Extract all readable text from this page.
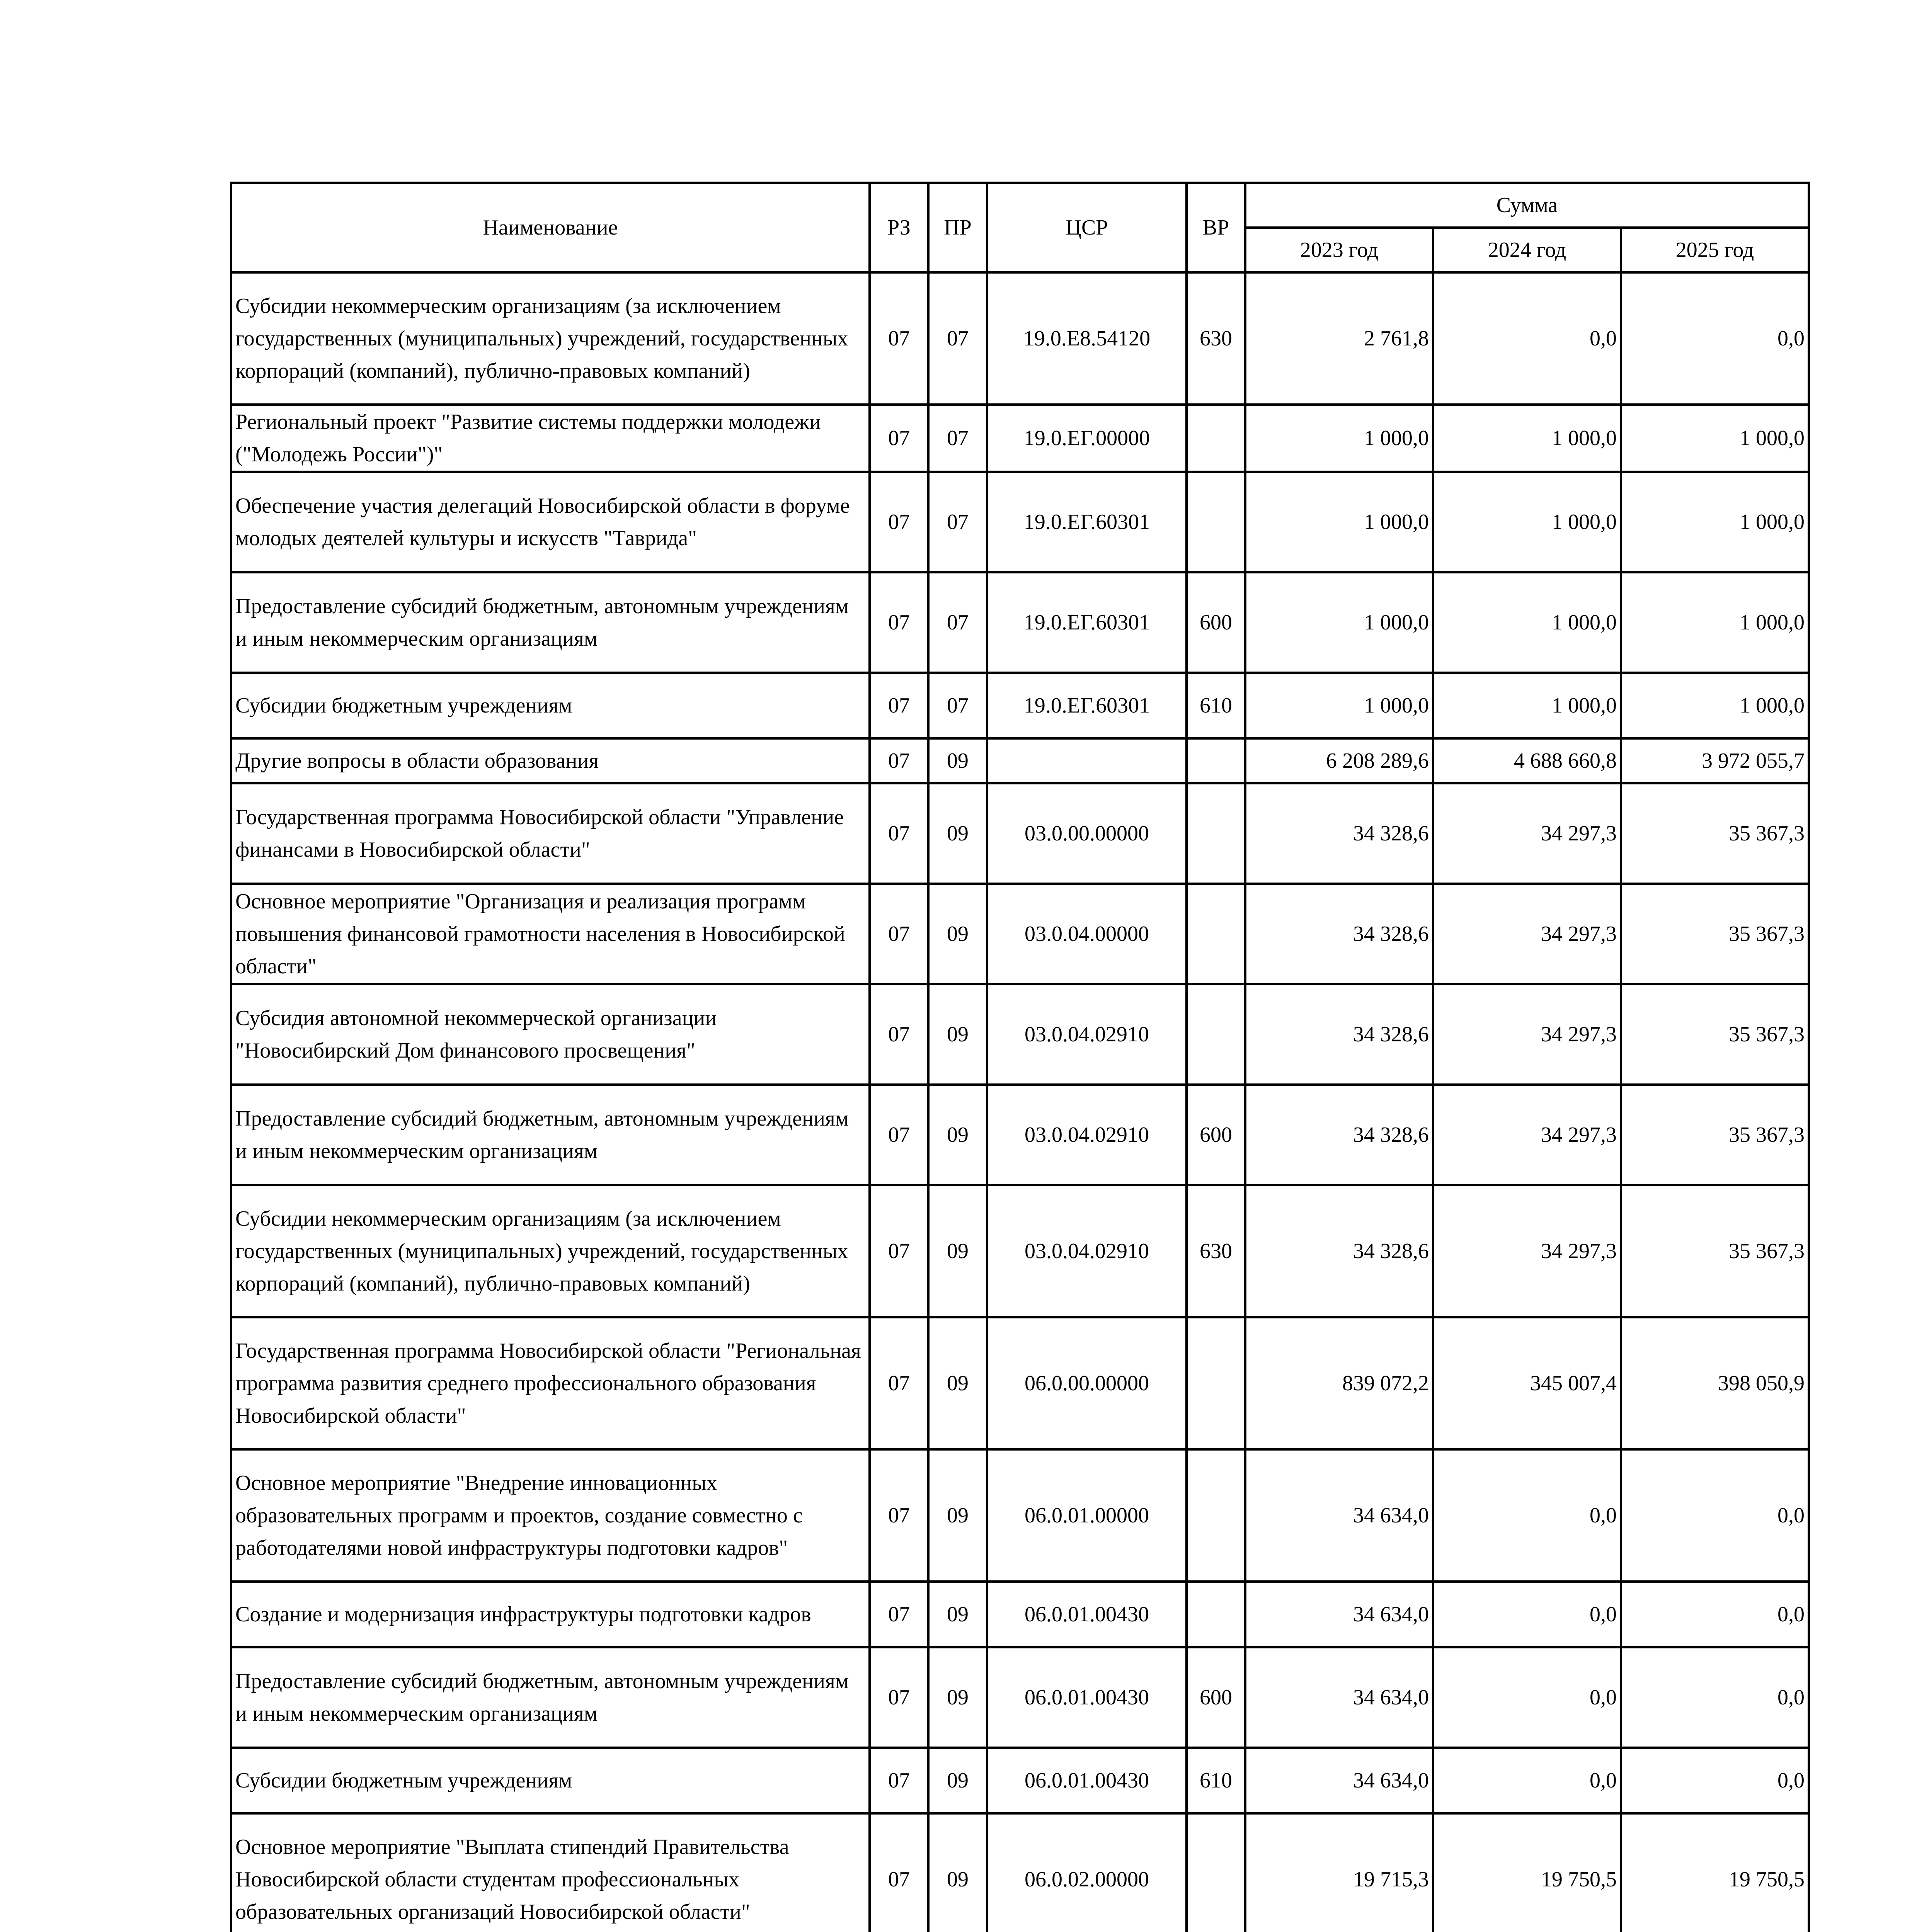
Наименование	РЗ	ПР	ЦСР	ВР	Сумма		
					2023 год	2024 год	2025 год
Субсидии некоммерческим организациям (за исключением государственных (муниципальных) учреждений, государственных корпораций (компаний), публично-правовых компаний)	07	07	19.0.Е8.54120	630	2 761,8	0,0	0,0
Региональный проект "Развитие системы поддержки молодежи ("Молодежь России")"	07	07	19.0.ЕГ.00000		1 000,0	1 000,0	1 000,0
Обеспечение участия делегаций Новосибирской области в форуме молодых деятелей культуры и искусств "Таврида"	07	07	19.0.ЕГ.60301		1 000,0	1 000,0	1 000,0
Предоставление субсидий бюджетным, автономным учреждениям и иным некоммерческим организациям	07	07	19.0.ЕГ.60301	600	1 000,0	1 000,0	1 000,0
Субсидии бюджетным учреждениям	07	07	19.0.ЕГ.60301	610	1 000,0	1 000,0	1 000,0
Другие вопросы в области образования	07	09			6 208 289,6	4 688 660,8	3 972 055,7
Государственная программа Новосибирской области "Управление финансами в Новосибирской области"	07	09	03.0.00.00000		34 328,6	34 297,3	35 367,3
Основное мероприятие "Организация и реализация программ повышения финансовой грамотности населения в Новосибирской области"	07	09	03.0.04.00000		34 328,6	34 297,3	35 367,3
Субсидия автономной некоммерческой организации "Новосибирский Дом финансового просвещения"	07	09	03.0.04.02910		34 328,6	34 297,3	35 367,3
Предоставление субсидий бюджетным, автономным учреждениям и иным некоммерческим организациям	07	09	03.0.04.02910	600	34 328,6	34 297,3	35 367,3
Субсидии некоммерческим организациям (за исключением государственных (муниципальных) учреждений, государственных корпораций (компаний), публично-правовых компаний)	07	09	03.0.04.02910	630	34 328,6	34 297,3	35 367,3
Государственная программа Новосибирской области "Региональная программа развития среднего профессионального образования Новосибирской области"	07	09	06.0.00.00000		839 072,2	345 007,4	398 050,9
Основное мероприятие "Внедрение инновационных образовательных программ и проектов, создание совместно с работодателями новой инфраструктуры подготовки кадров"	07	09	06.0.01.00000		34 634,0	0,0	0,0
Создание и модернизация инфраструктуры подготовки кадров	07	09	06.0.01.00430		34 634,0	0,0	0,0
Предоставление субсидий бюджетным, автономным учреждениям и иным некоммерческим организациям	07	09	06.0.01.00430	600	34 634,0	0,0	0,0
Субсидии бюджетным учреждениям	07	09	06.0.01.00430	610	34 634,0	0,0	0,0
Основное мероприятие "Выплата стипендий Правительства Новосибирской области студентам профессиональных образовательных организаций Новосибирской области"	07	09	06.0.02.00000		19 715,3	19 750,5	19 750,5
